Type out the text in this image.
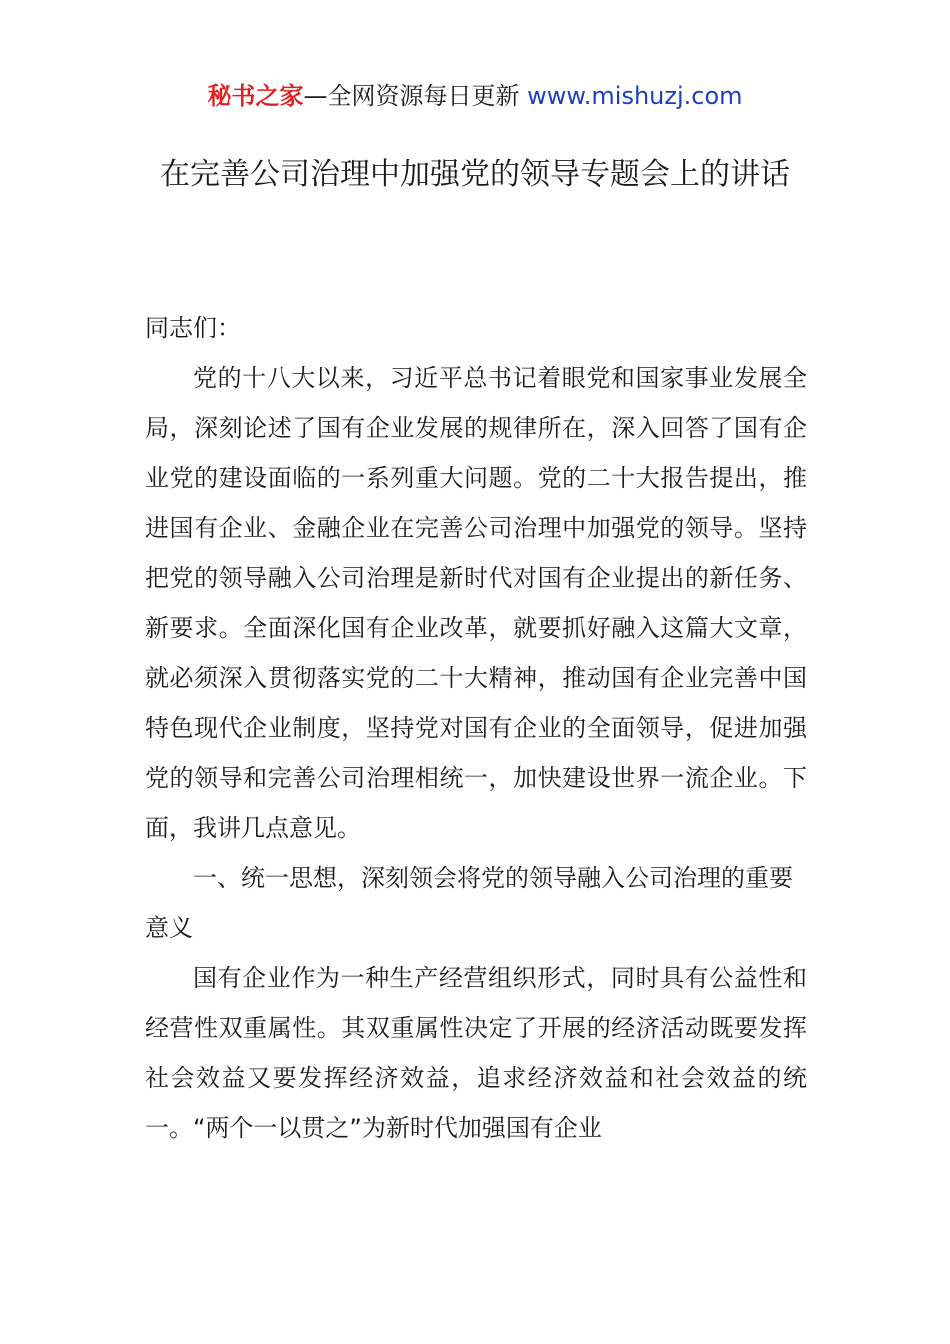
秘书之家—全网资源每日更新 www.mishuzj.com
在完善公司治理中加强党的领导专题会上的讲话

同志们：

党的十八大以来，习近平总书记着眼党和国家事业发展全局，深刻论述了国有企业发展的规律所在，深入回答了国有企业党的建设面临的一系列重大问题。党的二十大报告提出，推进国有企业、金融企业在完善公司治理中加强党的领导。坚持把党的领导融入公司治理是新时代对国有企业提出的新任务、新要求。全面深化国有企业改革，就要抓好融入这篇大文章，就必须深入贯彻落实党的二十大精神，推动国有企业完善中国特色现代企业制度，坚持党对国有企业的全面领导，促进加强党的领导和完善公司治理相统一，加快建设世界一流企业。下面，我讲几点意见。

一、统一思想，深刻领会将党的领导融入公司治理的重要意义

国有企业作为一种生产经营组织形式，同时具有公益性和经营性双重属性。其双重属性决定了开展的经济活动既要发挥社会效益又要发挥经济效益，追求经济效益和社会效益的统一。“两个一以贯之”为新时代加强国有企业
